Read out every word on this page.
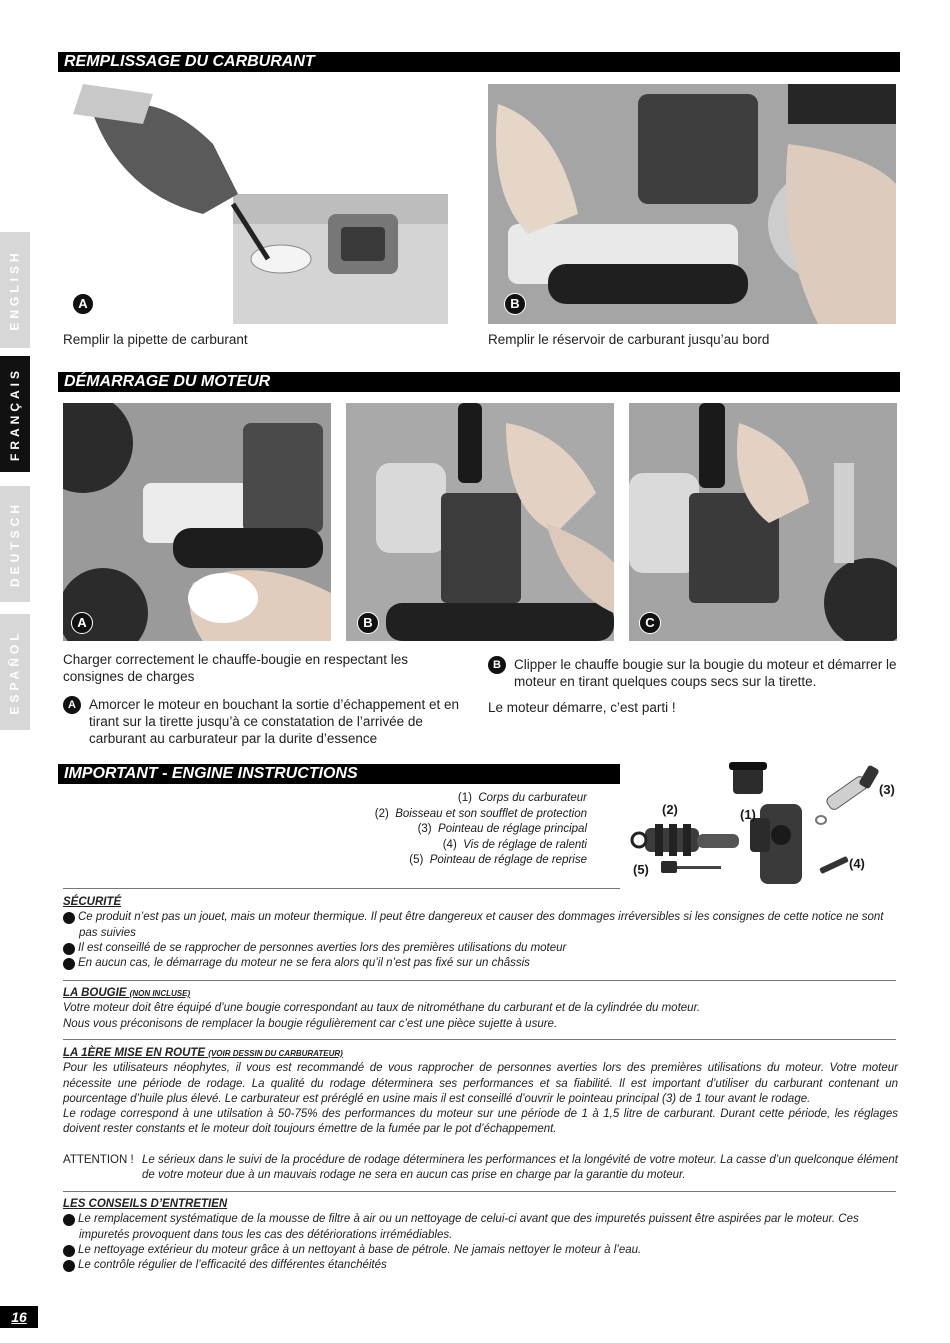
ENGLISH
FRANÇAIS
DEUTSCH
ESPAÑOL
REMPLISSAGE DU CARBURANT
A	B
Remplir la pipette de carburant	Remplir le réservoir de carburant jusqu’au bord
DÉMARRAGE DU MOTEUR
A	B	C
Charger correctement le chauffe-bougie en respectant les consignes de charges
A Amorcer le moteur en bouchant la sortie d’échappement et en tirant sur la tirette jusqu’à ce constatation de l’arrivée de carburant au carburateur par la durite d’essence
B Clipper le chauffe bougie sur la bougie du moteur et démarrer le moteur en tirant quelques coups secs sur la tirette.
Le moteur démarre, c’est parti !
IMPORTANT - ENGINE INSTRUCTIONS
(1) Corps du carburateur
(2) Boisseau et son soufflet de protection
(3) Pointeau de réglage principal
(4) Vis de réglage de ralenti
(5) Pointeau de réglage de reprise
(1)
(2)
(3)
(4)
(5)
SÉCURITÉ
1 Ce produit n’est pas un jouet, mais un moteur thermique. Il peut être dangereux et causer des dommages irréversibles si les consignes de cette notice ne sont pas suivies
2 Il est conseillé de se rapprocher de personnes averties lors des premières utilisations du moteur
3 En aucun cas, le démarrage du moteur ne se fera alors qu’il n’est pas fixé sur un châssis
LA BOUGIE (NON INCLUSE)
Votre moteur doit être équipé d’une bougie correspondant au taux de nitrométhane du carburant et de la cylindrée du moteur.
Nous vous préconisons de remplacer la bougie régulièrement car c’est une pièce sujette à usure.
LA 1ÈRE MISE EN ROUTE (VOIR DESSIN DU CARBURATEUR)
Pour les utilisateurs néophytes, il vous est recommandé de vous rapprocher de personnes averties lors des premières utilisations du moteur. Votre moteur nécessite une période de rodage. La qualité du rodage déterminera ses performances et sa fiabilité. Il est important d’utiliser du carburant contenant un pourcentage d’huile plus élevé. Le carburateur est préréglé en usine mais il est conseillé d’ouvrir le pointeau principal (3) de 1 tour avant le rodage.
Le rodage correspond à une utilsation à 50-75% des performances du moteur sur une période de 1 à 1,5 litre de carburant. Durant cette période, les réglages doivent rester constants et le moteur doit toujours émettre de la fumée par le pot d’échappement.
ATTENTION ! Le sérieux dans le suivi de la procédure de rodage déterminera les performances et la longévité de votre moteur. La casse d’un quelconque élément de votre moteur due à un mauvais rodage ne sera en aucun cas prise en charge par la garantie du moteur.
LES CONSEILS D’ENTRETIEN
1 Le remplacement systématique de la mousse de filtre à air ou un nettoyage de celui-ci avant que des impuretés puissent être aspirées par le moteur. Ces impuretés provoquent dans tous les cas des détériorations irrémédiables.
2 Le nettoyage extérieur du moteur grâce à un nettoyant à base de pétrole. Ne jamais nettoyer le moteur à l’eau.
3 Le contrôle régulier de l’efficacité des différentes étanchéités
16
